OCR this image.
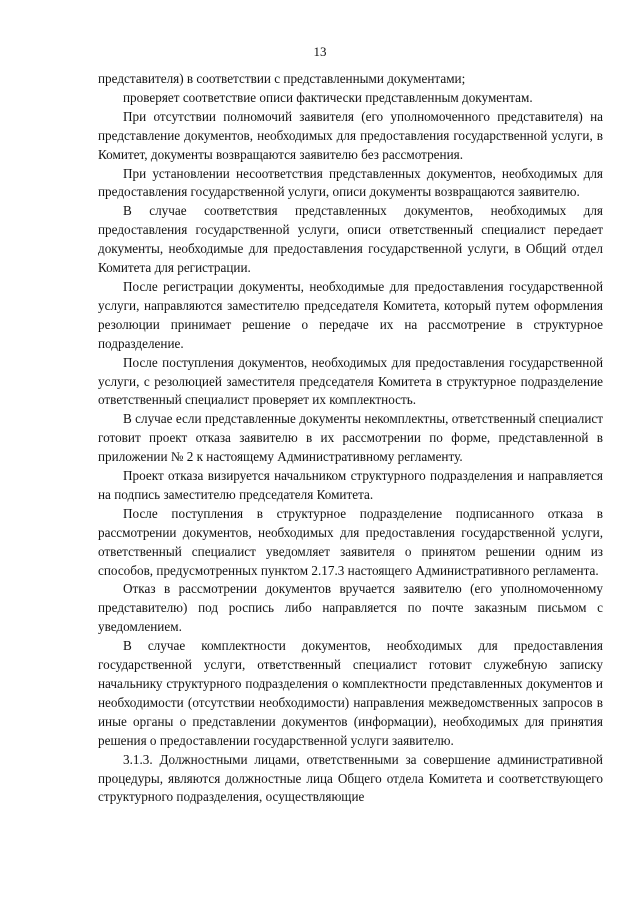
13

представителя) в соответствии с представленными документами;

проверяет соответствие описи фактически представленным документам.

При отсутствии полномочий заявителя (его уполномоченного представителя) на представление документов, необходимых для предоставления государственной услуги, в Комитет, документы возвращаются заявителю без рассмотрения.

При установлении несоответствия представленных документов, необходимых для предоставления государственной услуги, описи документы возвращаются заявителю.

В случае соответствия представленных документов, необходимых для предоставления государственной услуги, описи ответственный специалист передает документы, необходимые для предоставления государственной услуги, в Общий отдел Комитета для регистрации.

После регистрации документы, необходимые для предоставления государственной услуги, направляются заместителю председателя Комитета, который путем оформления резолюции принимает решение о передаче их на рассмотрение в структурное подразделение.

После поступления документов, необходимых для предоставления государственной услуги, с резолюцией заместителя председателя Комитета в структурное подразделение ответственный специалист проверяет их комплектность.

В случае если представленные документы некомплектны, ответственный специалист готовит проект отказа заявителю в их рассмотрении по форме, представленной в приложении № 2 к настоящему Административному регламенту.

Проект отказа визируется начальником структурного подразделения и направляется на подпись заместителю председателя Комитета.

После поступления в структурное подразделение подписанного отказа в рассмотрении документов, необходимых для предоставления государственной услуги, ответственный специалист уведомляет заявителя о принятом решении одним из способов, предусмотренных пунктом 2.17.3 настоящего Административного регламента.

Отказ в рассмотрении документов вручается заявителю (его уполномоченному представителю) под роспись либо направляется по почте заказным письмом с уведомлением.

В случае комплектности документов, необходимых для предоставления государственной услуги, ответственный специалист готовит служебную записку начальнику структурного подразделения о комплектности представленных документов и необходимости (отсутствии необходимости) направления межведомственных запросов в иные органы о представлении документов (информации), необходимых для принятия решения о предоставлении государственной услуги заявителю.

3.1.3. Должностными лицами, ответственными за совершение административной процедуры, являются должностные лица Общего отдела Комитета и соответствующего структурного подразделения, осуществляющие
